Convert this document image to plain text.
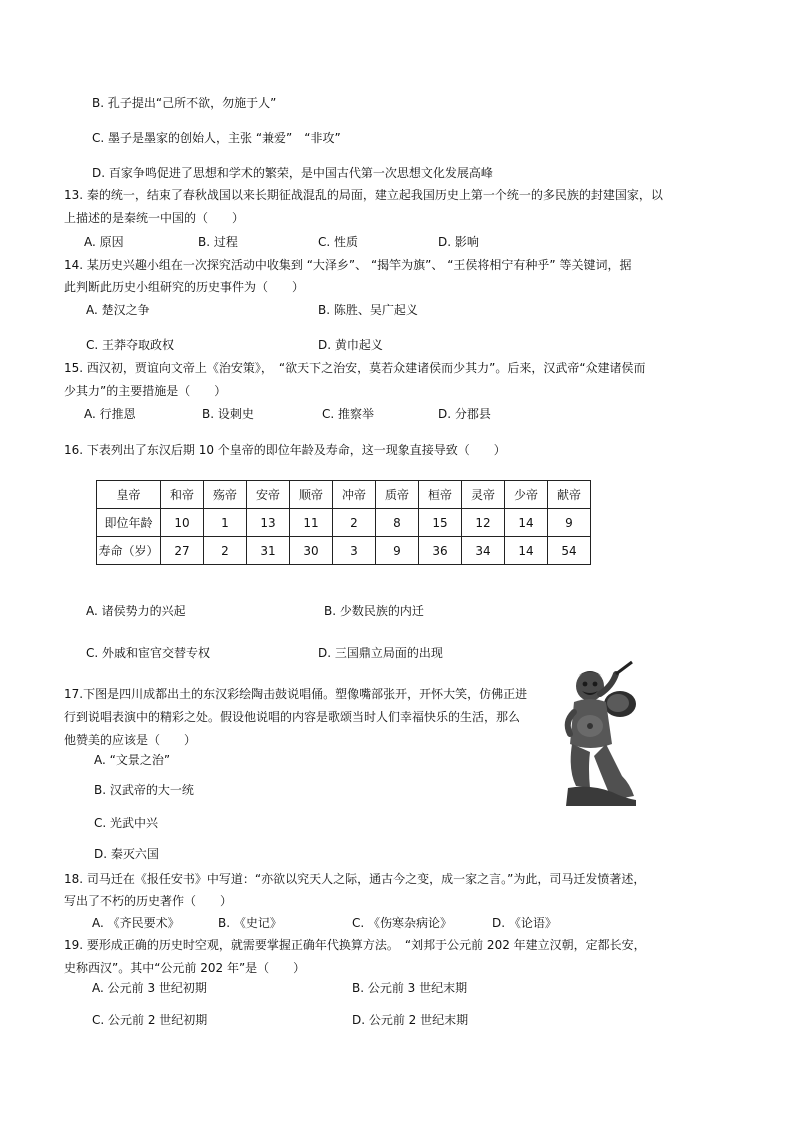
B. 孔子提出“己所不欲，勿施于人”
C. 墨子是墨家的创始人，主张 “兼爱”　“非攻”
D. 百家争鸣促进了思想和学术的繁荣，是中国古代第一次思想文化发展高峰
13. 秦的统一，结束了春秋战国以来长期征战混乱的局面，建立起我国历史上第一个统一的多民族的封建国家，以
上描述的是秦统一中国的（　　）
A. 原因	B. 过程	C. 性质	D. 影响
14. 某历史兴趣小组在一次探究活动中收集到 “大泽乡”、 “揭竿为旗”、 “王侯将相宁有种乎” 等关键词，据
此判断此历史小组研究的历史事件为（　　）
A. 楚汉之争	B. 陈胜、吴广起义
C. 王莽夺取政权	D. 黄巾起义
15. 西汉初，贾谊向文帝上《治安策》，　“欲天下之治安，莫若众建诸侯而少其力”。后来，汉武帝“众建诸侯而
少其力”的主要措施是（　　）
A. 行推恩	B. 设刺史	C. 推察举	D. 分郡县
16. 下表列出了东汉后期 10 个皇帝的即位年龄及寿命，这一现象直接导致（　　）
皇帝	和帝	殇帝	安帝	顺帝	冲帝	质帝	桓帝	灵帝	少帝	献帝
即位年龄	10	1	13	11	2	8	15	12	14	9
寿命（岁）	27	2	31	30	3	9	36	34	14	54
A. 诸侯势力的兴起	B. 少数民族的内迁
C. 外戚和宦官交替专权	D. 三国鼎立局面的出现
17.下图是四川成都出土的东汉彩绘陶击鼓说唱俑。塑像嘴部张开，开怀大笑，仿佛正进
行到说唱表演中的精彩之处。假设他说唱的内容是歌颂当时人们幸福快乐的生活，那么
他赞美的应该是（　　）
A. “文景之治”
B. 汉武帝的大一统
C. 光武中兴
D. 秦灭六国
18. 司马迁在《报任安书》中写道：“亦欲以究天人之际，通古今之变，成一家之言。”为此，司马迁发愤著述，
写出了不朽的历史著作（　　）
A. 《齐民要术》	B. 《史记》	C. 《伤寒杂病论》	D. 《论语》
19. 要形成正确的历史时空观，就需要掌握正确年代换算方法。　“刘邦于公元前 202 年建立汉朝，定都长安，
史称西汉”。其中“公元前 202 年”是（　　）
A. 公元前 3 世纪初期	B. 公元前 3 世纪末期
C. 公元前 2 世纪初期	D. 公元前 2 世纪末期
